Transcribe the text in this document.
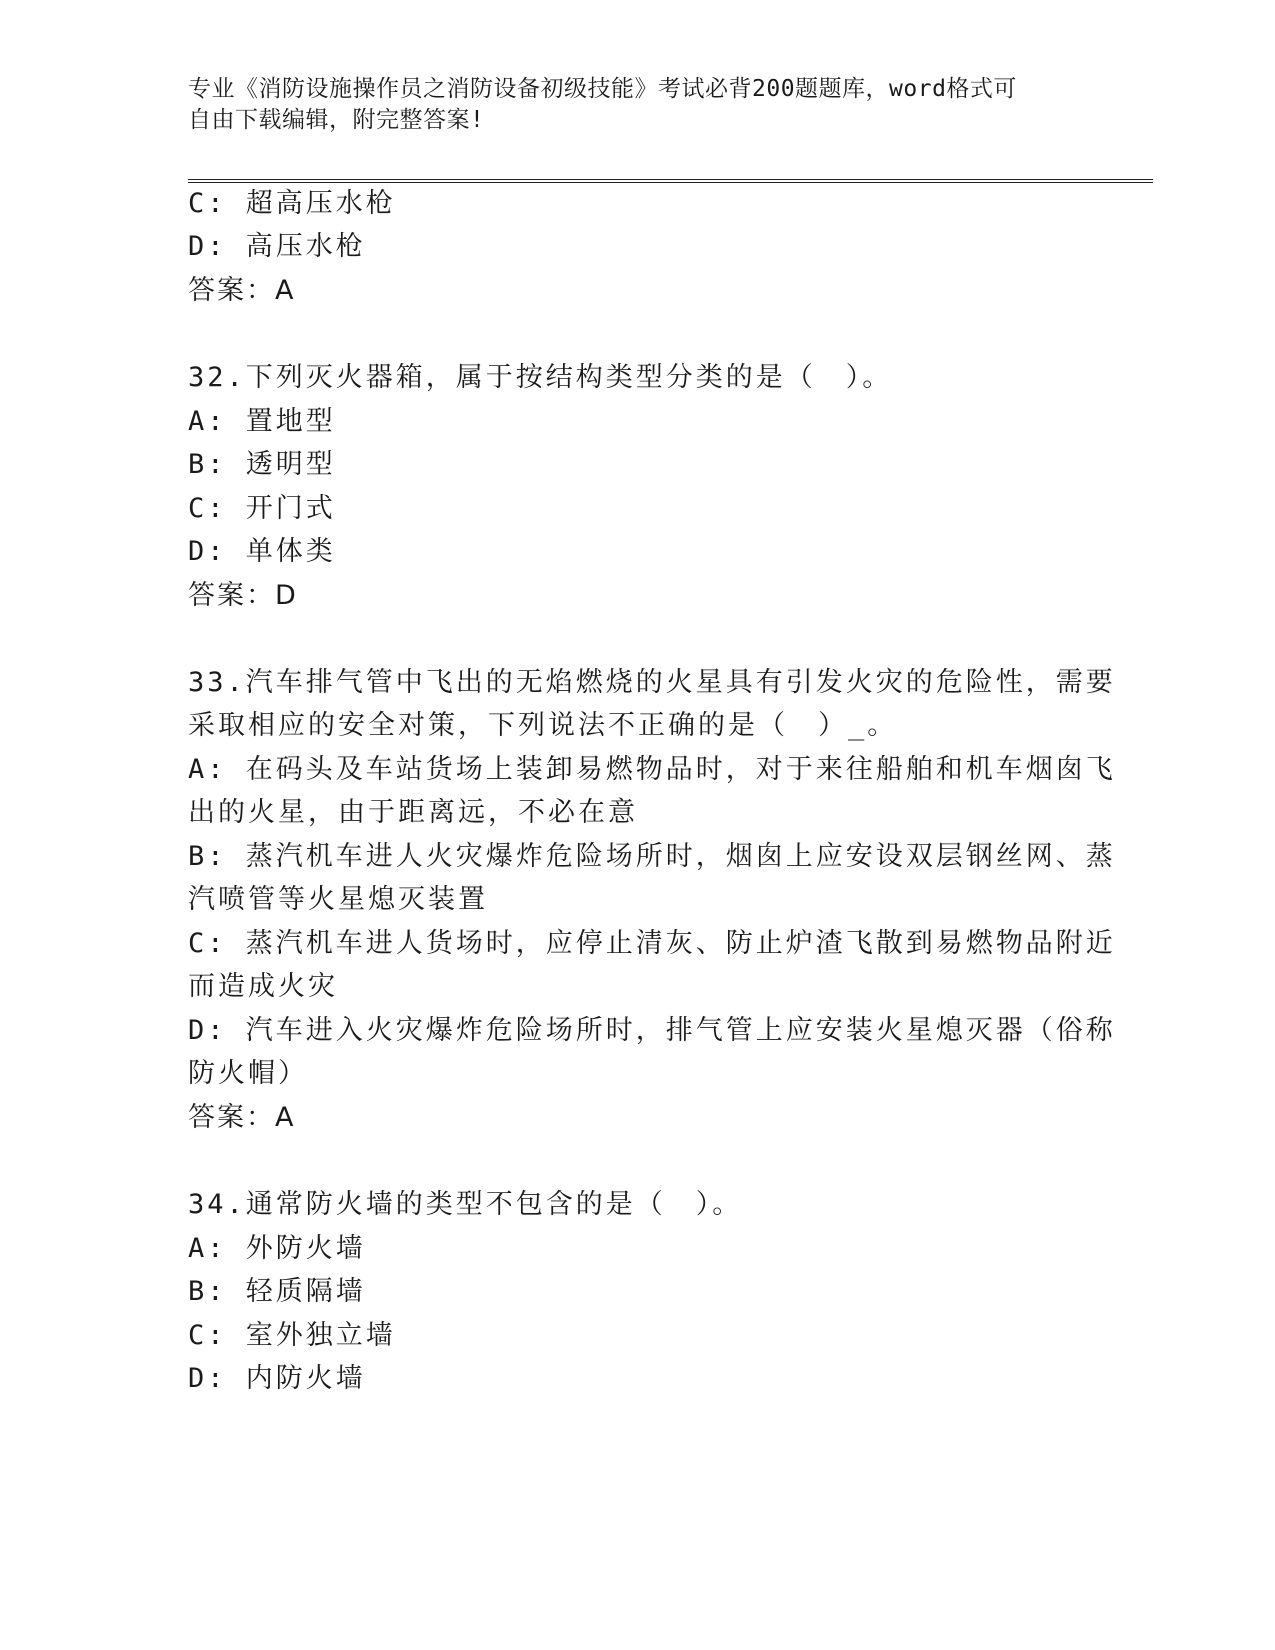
专业《消防设施操作员之消防设备初级技能》考试必背200题题库，word格式可
自由下载编辑，附完整答案!
C: 超高压水枪
D: 高压水枪
答案：A
32.下列灭火器箱，属于按结构类型分类的是（　）。
A: 置地型
B: 透明型
C: 开门式
D: 单体类
答案：D
33.汽车排气管中飞出的无焰燃烧的火星具有引发火灾的危险性，需要
采取相应的安全对策，下列说法不正确的是（　）_。
A: 在码头及车站货场上装卸易燃物品时，对于来往船舶和机车烟囱飞
出的火星，由于距离远，不必在意
B: 蒸汽机车进人火灾爆炸危险场所时，烟囱上应安设双层钢丝网、蒸
汽喷管等火星熄灭装置
C: 蒸汽机车进人货场时，应停止清灰、防止炉渣飞散到易燃物品附近
而造成火灾
D: 汽车进入火灾爆炸危险场所时，排气管上应安装火星熄灭器（俗称
防火帽）
答案：A
34.通常防火墙的类型不包含的是（　）。
A: 外防火墙
B: 轻质隔墙
C: 室外独立墙
D: 内防火墙
